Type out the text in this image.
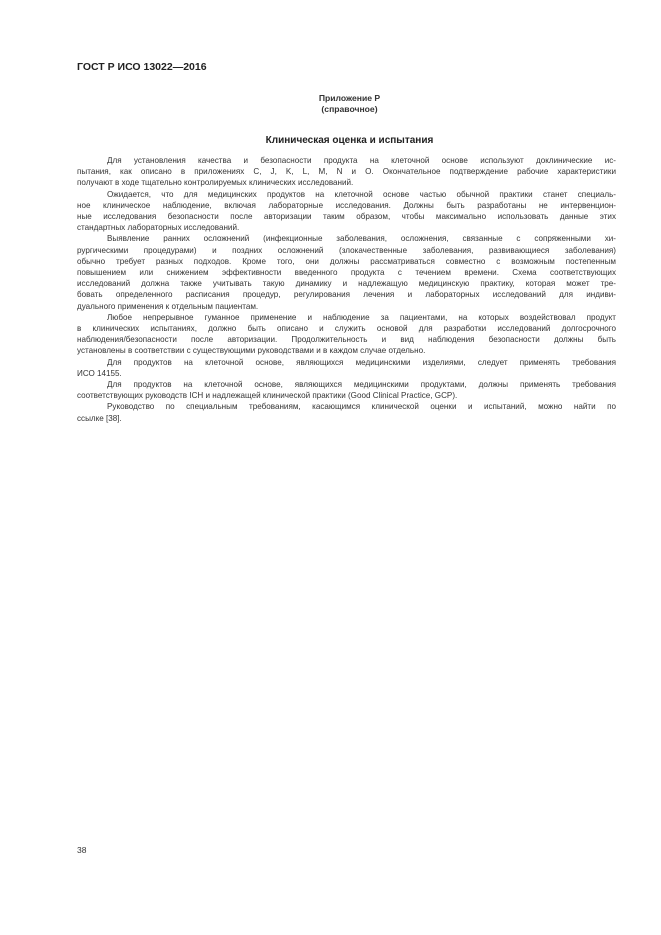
ГОСТ Р ИСО 13022—2016
Приложение Р
(справочное)
Клиническая оценка и испытания
Для установления качества и безопасности продукта на клеточной основе используют доклинические ис-
пытания, как описано в приложениях C, J, K, L, M, N и O. Окончательное подтверждение рабочие характеристики
получают в ходе тщательно контролируемых клинических исследований.
Ожидается, что для медицинских продуктов на клеточной основе частью обычной практики станет специаль-
ное клиническое наблюдение, включая лабораторные исследования. Должны быть разработаны не интервенцион-
ные исследования безопасности после авторизации таким образом, чтобы максимально использовать данные этих
стандартных лабораторных исследований.
Выявление ранних осложнений (инфекционные заболевания, осложнения, связанные с сопряженными хи-
рургическими процедурами) и поздних осложнений (злокачественные заболевания, развивающиеся заболевания)
обычно требует разных подходов. Кроме того, они должны рассматриваться совместно с возможным постепенным
повышением или снижением эффективности введенного продукта с течением времени. Схема соответствующих
исследований должна также учитывать такую динамику и надлежащую медицинскую практику, которая может тре-
бовать определенного расписания процедур, регулирования лечения и лабораторных исследований для индиви-
дуального применения к отдельным пациентам.
Любое непрерывное гуманное применение и наблюдение за пациентами, на которых воздействовал продукт
в клинических испытаниях, должно быть описано и служить основой для разработки исследований долгосрочного
наблюдения/безопасности после авторизации. Продолжительность и вид наблюдения безопасности должны быть
установлены в соответствии с существующими руководствами и в каждом случае отдельно.
Для продуктов на клеточной основе, являющихся медицинскими изделиями, следует применять требования
ИСО 14155.
Для продуктов на клеточной основе, являющихся медицинскими продуктами, должны применять требования
соответствующих руководств ICH и надлежащей клинической практики (Good Clinical Practice, GCP).
Руководство по специальным требованиям, касающимся клинической оценки и испытаний, можно найти по
ссылке [38].
38
